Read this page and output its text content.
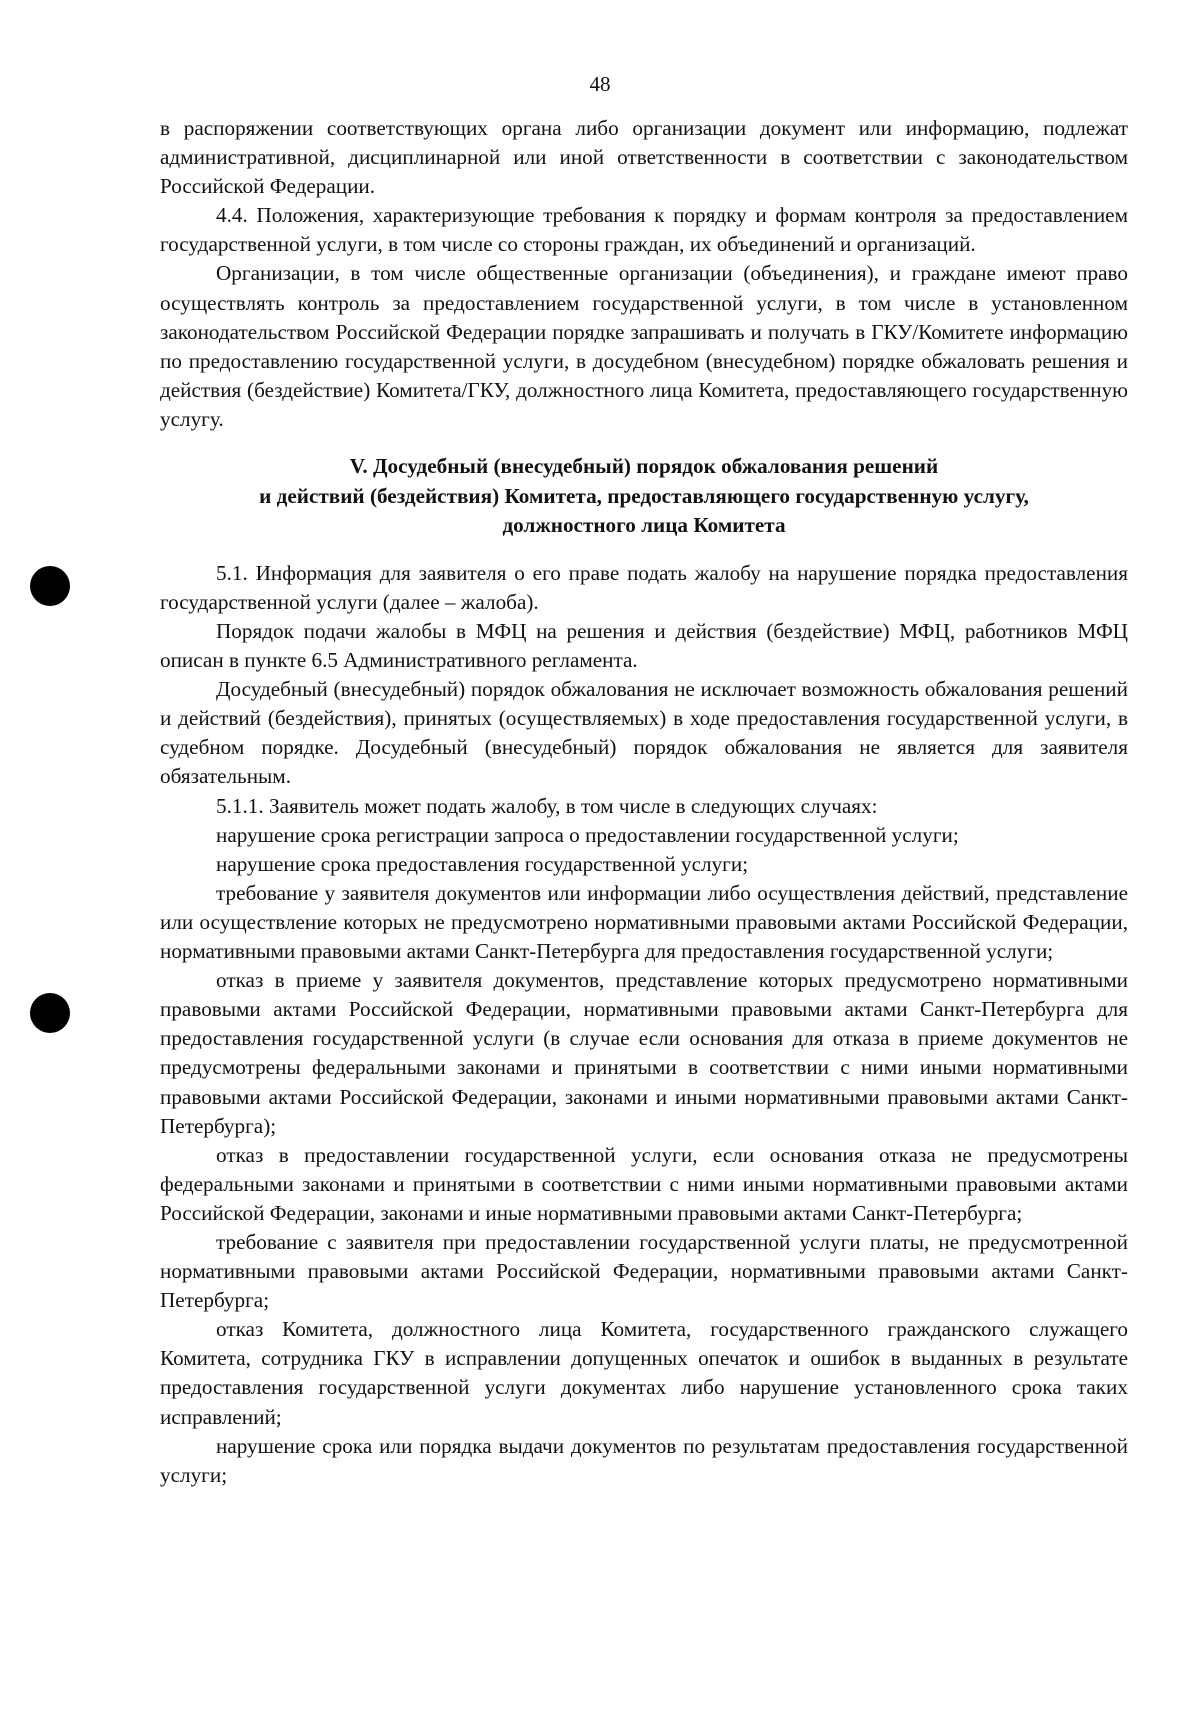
48

в распоряжении соответствующих органа либо организации документ или информацию, подлежат административной, дисциплинарной или иной ответственности в соответствии с законодательством Российской Федерации.

4.4. Положения, характеризующие требования к порядку и формам контроля за предоставлением государственной услуги, в том числе со стороны граждан, их объединений и организаций.

Организации, в том числе общественные организации (объединения), и граждане имеют право осуществлять контроль за предоставлением государственной услуги, в том числе в установленном законодательством Российской Федерации порядке запрашивать и получать в ГКУ/Комитете информацию по предоставлению государственной услуги, в досудебном (внесудебном) порядке обжаловать решения и действия (бездействие) Комитета/ГКУ, должностного лица Комитета, предоставляющего государственную услугу.

V. Досудебный (внесудебный) порядок обжалования решений
и действий (бездействия) Комитета, предоставляющего государственную услугу,
должностного лица Комитета

5.1. Информация для заявителя о его праве подать жалобу на нарушение порядка предоставления государственной услуги (далее – жалоба).

Порядок подачи жалобы в МФЦ на решения и действия (бездействие) МФЦ, работников МФЦ описан в пункте 6.5 Административного регламента.

Досудебный (внесудебный) порядок обжалования не исключает возможность обжалования решений и действий (бездействия), принятых (осуществляемых) в ходе предоставления государственной услуги, в судебном порядке. Досудебный (внесудебный) порядок обжалования не является для заявителя обязательным.

5.1.1. Заявитель может подать жалобу, в том числе в следующих случаях:

нарушение срока регистрации запроса о предоставлении государственной услуги;

нарушение срока предоставления государственной услуги;

требование у заявителя документов или информации либо осуществления действий, представление или осуществление которых не предусмотрено нормативными правовыми актами Российской Федерации, нормативными правовыми актами Санкт-Петербурга для предоставления государственной услуги;

отказ в приеме у заявителя документов, представление которых предусмотрено нормативными правовыми актами Российской Федерации, нормативными правовыми актами Санкт-Петербурга для предоставления государственной услуги (в случае если основания для отказа в приеме документов не предусмотрены федеральными законами и принятыми в соответствии с ними иными нормативными правовыми актами Российской Федерации, законами и иными нормативными правовыми актами Санкт-Петербурга);

отказ в предоставлении государственной услуги, если основания отказа не предусмотрены федеральными законами и принятыми в соответствии с ними иными нормативными правовыми актами Российской Федерации, законами и иные нормативными правовыми актами Санкт-Петербурга;

требование с заявителя при предоставлении государственной услуги платы, не предусмотренной нормативными правовыми актами Российской Федерации, нормативными правовыми актами Санкт-Петербурга;

отказ Комитета, должностного лица Комитета, государственного гражданского служащего Комитета, сотрудника ГКУ в исправлении допущенных опечаток и ошибок в выданных в результате предоставления государственной услуги документах либо нарушение установленного срока таких исправлений;

нарушение срока или порядка выдачи документов по результатам предоставления государственной услуги;
